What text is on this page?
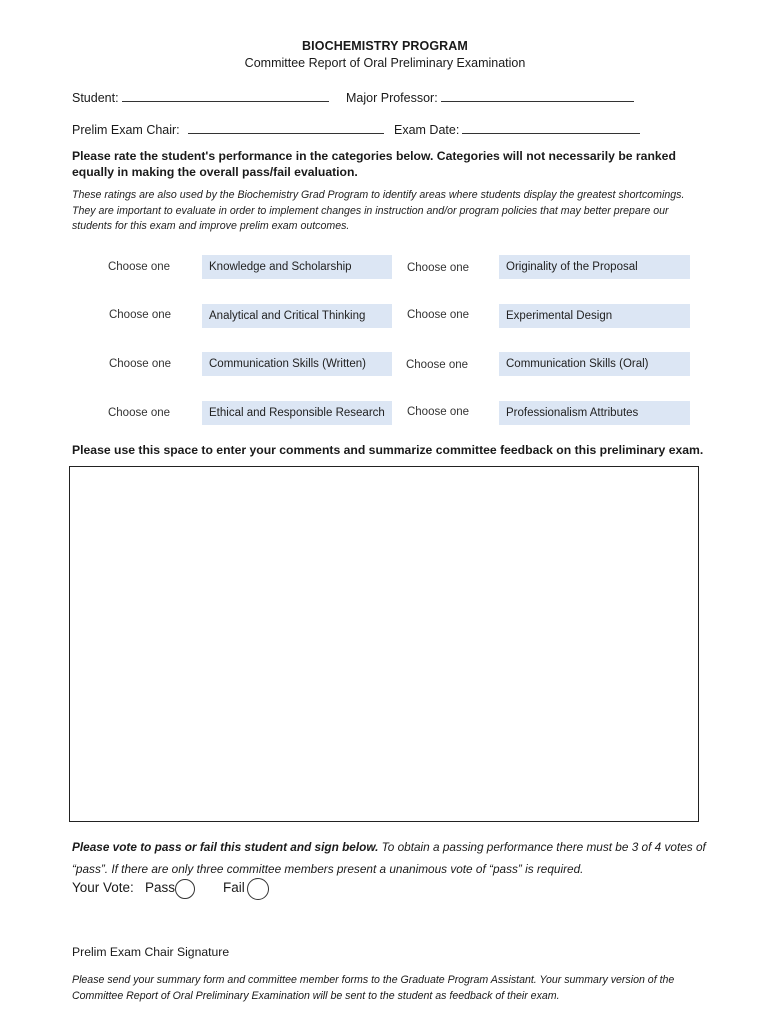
BIOCHEMISTRY PROGRAM
Committee Report of Oral Preliminary Examination
Student:	Major Professor:
Prelim Exam Chair:	Exam Date:
Please rate the student's performance in the categories below. Categories will not necessarily be ranked equally in making the overall pass/fail evaluation.
These ratings are also used by the Biochemistry Grad Program to identify areas where students display the greatest shortcomings. They are important to evaluate in order to implement changes in instruction and/or program policies that may better prepare our students for this exam and improve prelim exam outcomes.
Choose one	Knowledge and Scholarship	Choose one	Originality of the Proposal
Choose one	Analytical and Critical Thinking	Choose one	Experimental Design
Choose one	Communication Skills (Written)	Choose one	Communication Skills (Oral)
Choose one	Ethical and Responsible Research	Choose one	Professionalism Attributes
Please use this space to enter your comments and summarize committee feedback on this preliminary exam.
Please vote to pass or fail this student and sign below. To obtain a passing performance there must be 3 of 4 votes of “pass”. If there are only three committee members present a unanimous vote of “pass” is required.
Your Vote: Pass	Fail
Prelim Exam Chair Signature
Please send your summary form and committee member forms to the Graduate Program Assistant. Your summary version of the Committee Report of Oral Preliminary Examination will be sent to the student as feedback of their exam.
